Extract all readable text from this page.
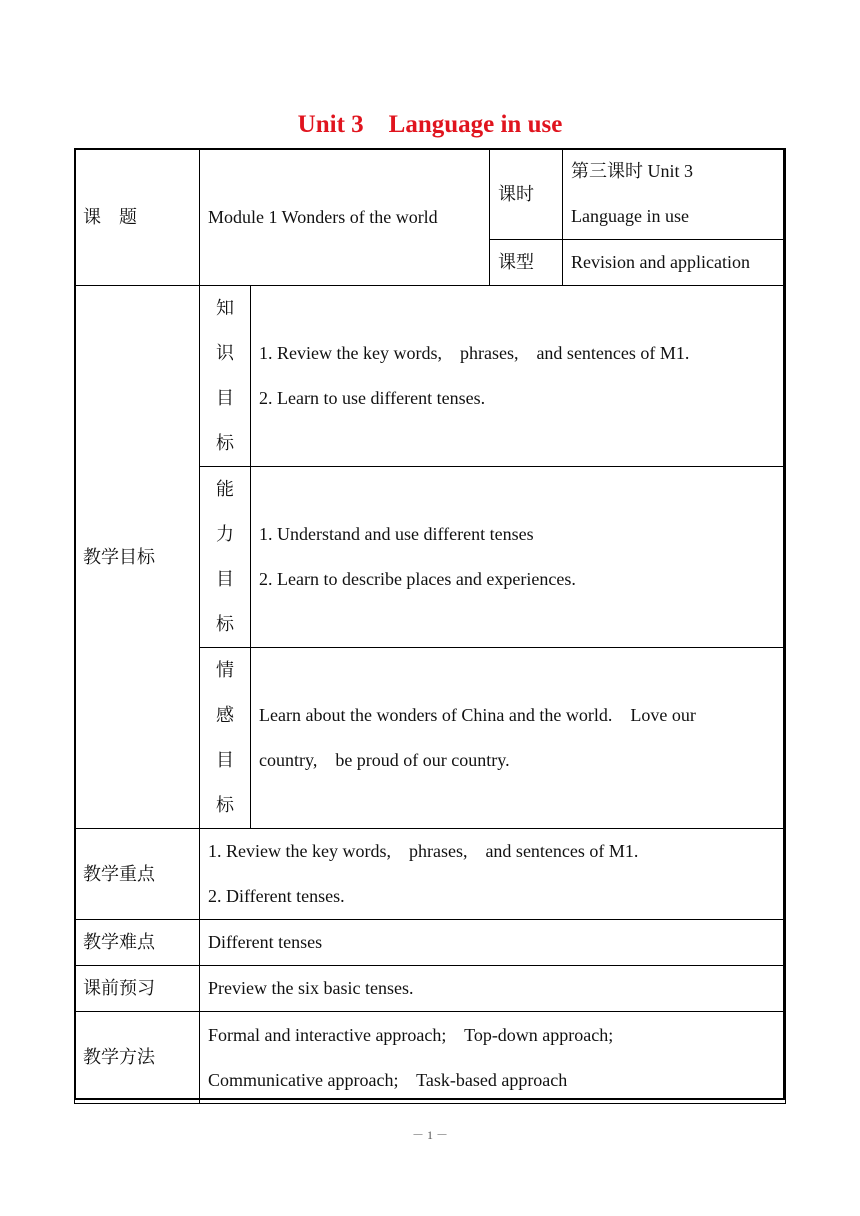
Unit 3    Language in use
课    题	Module 1 Wonders of the world		课时	第三课时 Unit 3
Language in use

			课型	Revision and application
教学目标	知
识
目
标	1. Review the key words,    phrases,    and sentences of M1.
2. Learn to use different tenses.		

	能
力
目
标	1. Understand and use different tenses
2. Learn to describe places and experiences.		

	情
感
目
标	Learn about the wonders of China and the world.    Love our
country,    be proud of our country.		

教学重点	1. Review the key words,    phrases,    and sentences of M1.
2. Different tenses.			

教学难点	Different tenses			
课前预习	Preview the six basic tenses.			
教学方法	Formal and interactive approach;    Top-down approach;
Communicative approach;    Task-based approach			
－ 1 －
